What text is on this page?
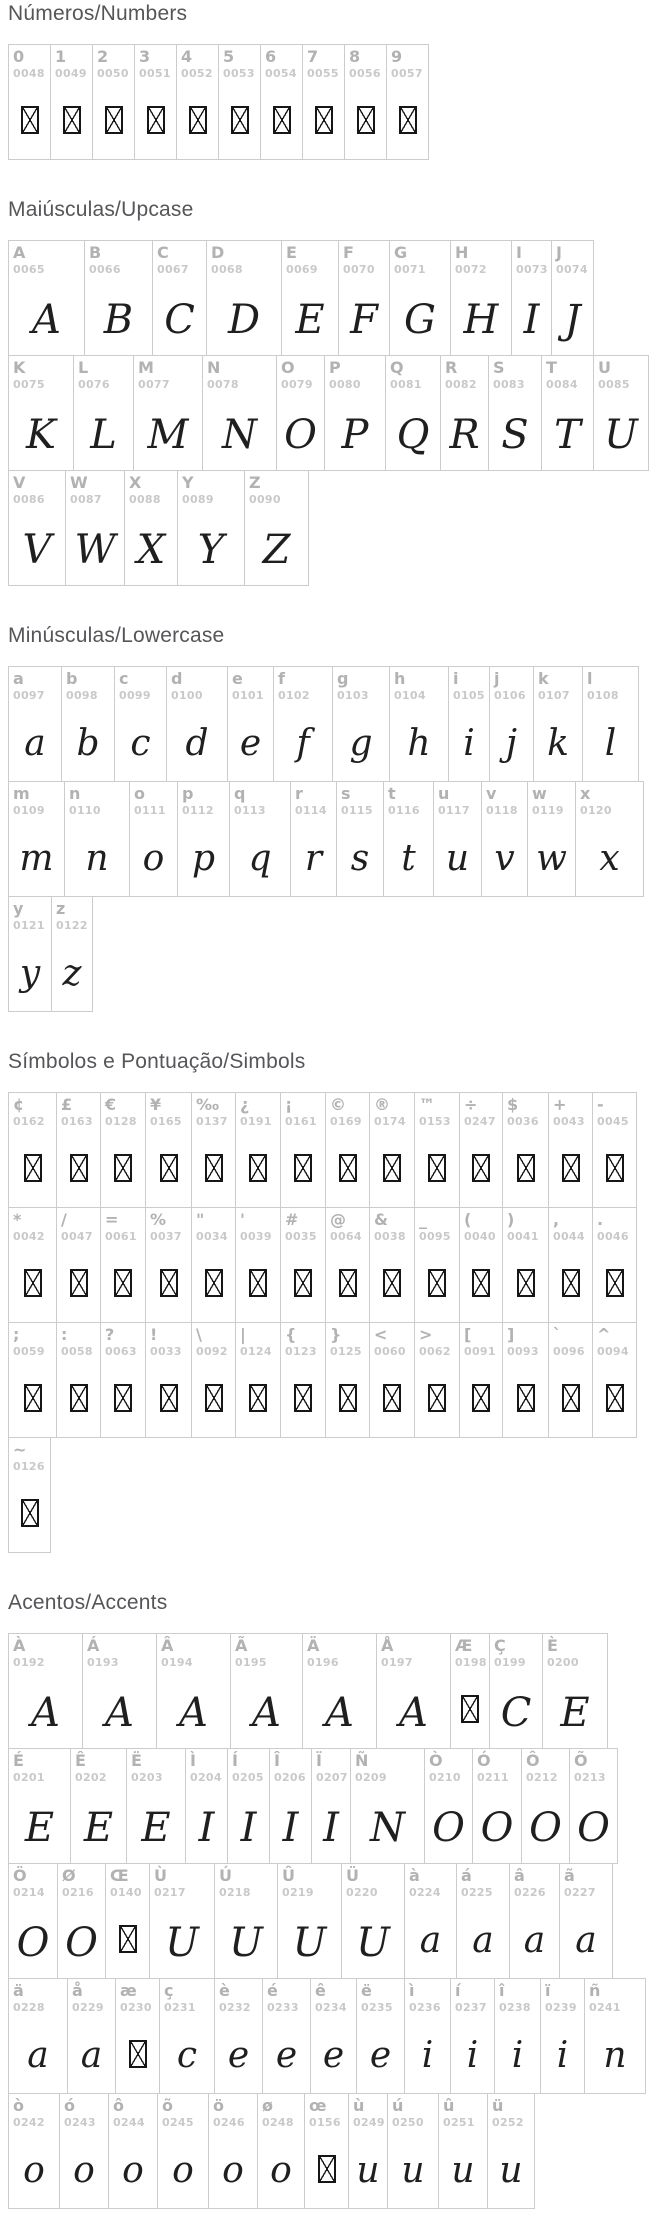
Números/Numbers
0
0048
1
0049
2
0050
3
0051
4
0052
5
0053
6
0054
7
0055
8
0056
9
0057
Maiúsculas/Upcase
A
0065
A
B
0066
B
C
0067
C
D
0068
D
E
0069
E
F
0070
F
G
0071
G
H
0072
H
I
0073
I
J
0074
J
K
0075
K
L
0076
L
M
0077
M
N
0078
N
O
0079
O
P
0080
P
Q
0081
Q
R
0082
R
S
0083
S
T
0084
T
U
0085
U
V
0086
V
W
0087
W
X
0088
X
Y
0089
Y
Z
0090
Z
Minúsculas/Lowercase
a
0097
a
b
0098
b
c
0099
c
d
0100
d
e
0101
e
f
0102
f
g
0103
g
h
0104
h
i
0105
i
j
0106
j
k
0107
k
l
0108
l
m
0109
m
n
0110
n
o
0111
o
p
0112
p
q
0113
q
r
0114
r
s
0115
s
t
0116
t
u
0117
u
v
0118
v
w
0119
w
x
0120
x
y
0121
y
z
0122
z
Símbolos e Pontuação/Simbols
¢
0162
£
0163
€
0128
¥
0165
‰
0137
¿
0191
¡
0161
©
0169
®
0174
™
0153
÷
0247
$
0036
+
0043
-
0045
*
0042
/
0047
=
0061
%
0037
"
0034
'
0039
#
0035
@
0064
&
0038
_
0095
(
0040
)
0041
,
0044
.
0046
;
0059
:
0058
?
0063
!
0033
\
0092
|
0124
{
0123
}
0125
<
0060
>
0062
[
0091
]
0093
`
0096
^
0094
~
0126
Acentos/Accents
À
0192
A
Á
0193
A
Â
0194
A
Ã
0195
A
Ä
0196
A
Å
0197
A
Æ
0198
Ç
0199
C
È
0200
E
É
0201
E
Ê
0202
E
Ë
0203
E
Ì
0204
I
Í
0205
I
Î
0206
I
Ï
0207
I
Ñ
0209
N
Ò
0210
O
Ó
0211
O
Ô
0212
O
Õ
0213
O
Ö
0214
O
Ø
0216
O
Œ
0140
Ù
0217
U
Ú
0218
U
Û
0219
U
Ü
0220
U
à
0224
a
á
0225
a
â
0226
a
ã
0227
a
ä
0228
a
å
0229
a
æ
0230
ç
0231
c
è
0232
e
é
0233
e
ê
0234
e
ë
0235
e
ì
0236
i
í
0237
i
î
0238
i
ï
0239
i
ñ
0241
n
ò
0242
o
ó
0243
o
ô
0244
o
õ
0245
o
ö
0246
o
ø
0248
o
œ
0156
ù
0249
u
ú
0250
u
û
0251
u
ü
0252
u
